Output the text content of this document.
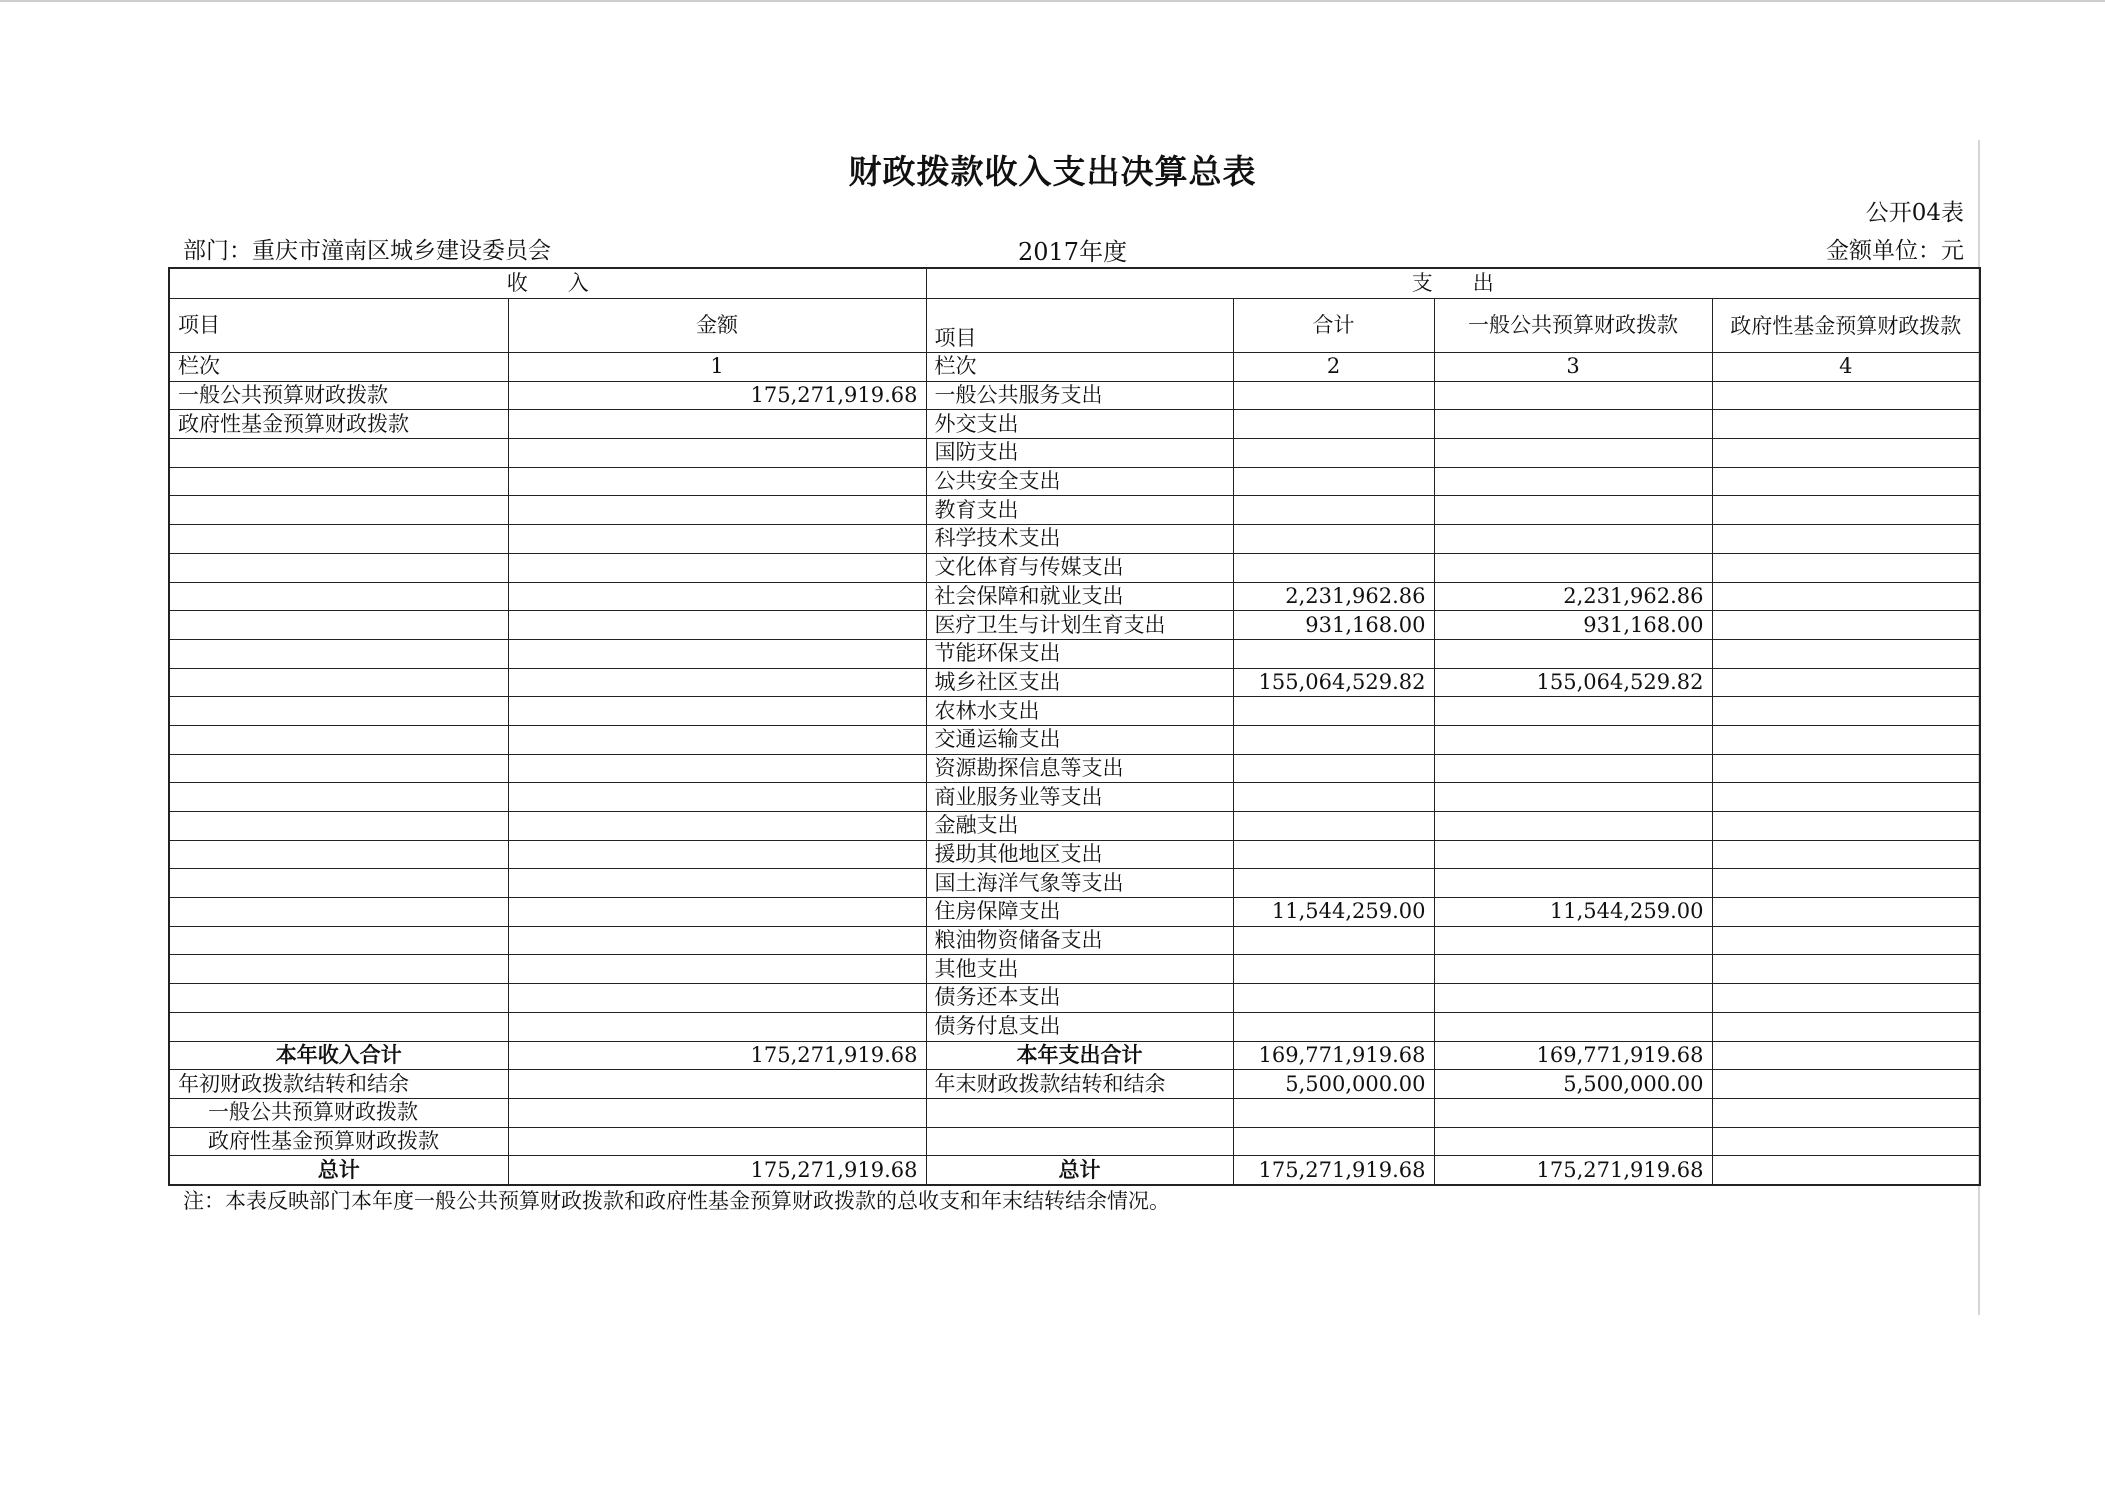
财政拨款收入支出决算总表
公开04表
部门：重庆市潼南区城乡建设委员会	2017年度	金额单位：元
收入		支出			
项目	金额	项目	合计	一般公共预算财政拨款	政府性基金预算财政拨款
栏次	1	栏次	2	3	4
一般公共预算财政拨款	175,271,919.68	一般公共服务支出			
政府性基金预算财政拨款		外交支出			
		国防支出			
		公共安全支出			
		教育支出			
		科学技术支出			
		文化体育与传媒支出			
		社会保障和就业支出	2,231,962.86	2,231,962.86	
		医疗卫生与计划生育支出	931,168.00	931,168.00	
		节能环保支出			
		城乡社区支出	155,064,529.82	155,064,529.82	
		农林水支出			
		交通运输支出			
		资源勘探信息等支出			
		商业服务业等支出			
		金融支出			
		援助其他地区支出			
		国土海洋气象等支出			
		住房保障支出	11,544,259.00	11,544,259.00	
		粮油物资储备支出			
		其他支出			
		债务还本支出			
		债务付息支出			
本年收入合计	175,271,919.68	本年支出合计	169,771,919.68	169,771,919.68	
年初财政拨款结转和结余		年末财政拨款结转和结余	5,500,000.00	5,500,000.00	
一般公共预算财政拨款					
政府性基金预算财政拨款					
总计	175,271,919.68	总计	175,271,919.68	175,271,919.68	
注：本表反映部门本年度一般公共预算财政拨款和政府性基金预算财政拨款的总收支和年末结转结余情况。
